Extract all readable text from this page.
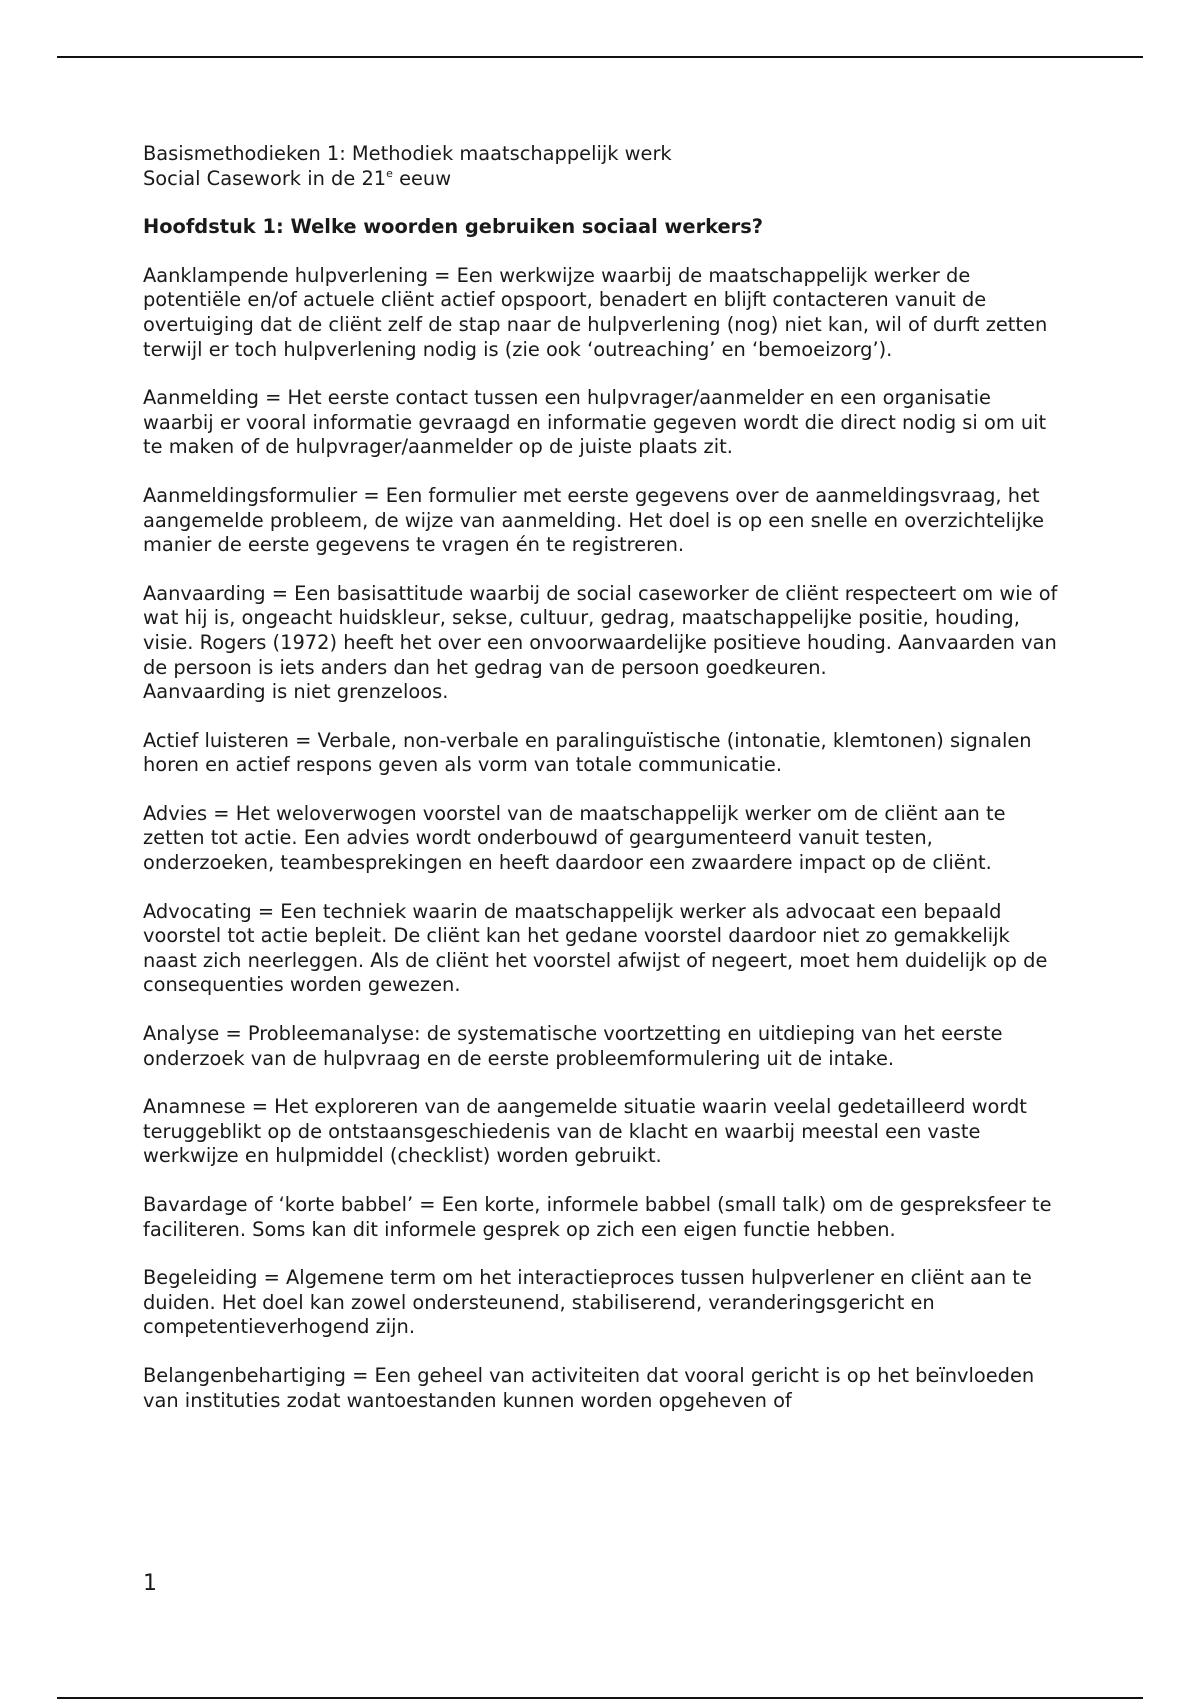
Basismethodieken 1: Methodiek maatschappelijk werk

Social Casework in de 21e eeuw

Hoofdstuk 1: Welke woorden gebruiken sociaal werkers?

Aanklampende hulpverlening = Een werkwijze waarbij de maatschappelijk werker de potentiële en/of actuele cliënt actief opspoort, benadert en blijft contacteren vanuit de overtuiging dat de cliënt zelf de stap naar de hulpverlening (nog) niet kan, wil of durft zetten terwijl er toch hulpverlening nodig is (zie ook ‘outreaching’ en ‘bemoeizorg’).

Aanmelding = Het eerste contact tussen een hulpvrager/aanmelder en een organisatie waarbij er vooral informatie gevraagd en informatie gegeven wordt die direct nodig si om uit te maken of de hulpvrager/aanmelder op de juiste plaats zit.

Aanmeldingsformulier = Een formulier met eerste gegevens over de aanmeldingsvraag, het aangemelde probleem, de wijze van aanmelding. Het doel is op een snelle en overzichtelijke manier de eerste gegevens te vragen én te registreren.

Aanvaarding = Een basisattitude waarbij de social caseworker de cliënt respecteert om wie of wat hij is, ongeacht huidskleur, sekse, cultuur, gedrag, maatschappelijke positie, houding, visie. Rogers (1972) heeft het over een onvoorwaardelijke positieve houding. Aanvaarden van de persoon is iets anders dan het gedrag van de persoon goedkeuren.
Aanvaarding is niet grenzeloos.

Actief luisteren = Verbale, non-verbale en paralinguïstische (intonatie, klemtonen) signalen horen en actief respons geven als vorm van totale communicatie.

Advies = Het weloverwogen voorstel van de maatschappelijk werker om de cliënt aan te zetten tot actie. Een advies wordt onderbouwd of geargumenteerd vanuit testen, onderzoeken, teambesprekingen en heeft daardoor een zwaardere impact op de cliënt.

Advocating = Een techniek waarin de maatschappelijk werker als advocaat een bepaald voorstel tot actie bepleit. De cliënt kan het gedane voorstel daardoor niet zo gemakkelijk naast zich neerleggen. Als de cliënt het voorstel afwijst of negeert, moet hem duidelijk op de consequenties worden gewezen.

Analyse = Probleemanalyse: de systematische voortzetting en uitdieping van het eerste onderzoek van de hulpvraag en de eerste probleemformulering uit de intake.

Anamnese = Het exploreren van de aangemelde situatie waarin veelal gedetailleerd wordt teruggeblikt op de ontstaansgeschiedenis van de klacht en waarbij meestal een vaste werkwijze en hulpmiddel (checklist) worden gebruikt.

Bavardage of ‘korte babbel’ = Een korte, informele babbel (small talk) om de gespreksfeer te faciliteren. Soms kan dit informele gesprek op zich een eigen functie hebben.

Begeleiding = Algemene term om het interactieproces tussen hulpverlener en cliënt aan te duiden. Het doel kan zowel ondersteunend, stabiliserend, veranderingsgericht en competentieverhogend zijn.

Belangenbehartiging = Een geheel van activiteiten dat vooral gericht is op het beïnvloeden van instituties zodat wantoestanden kunnen worden opgeheven of

1
